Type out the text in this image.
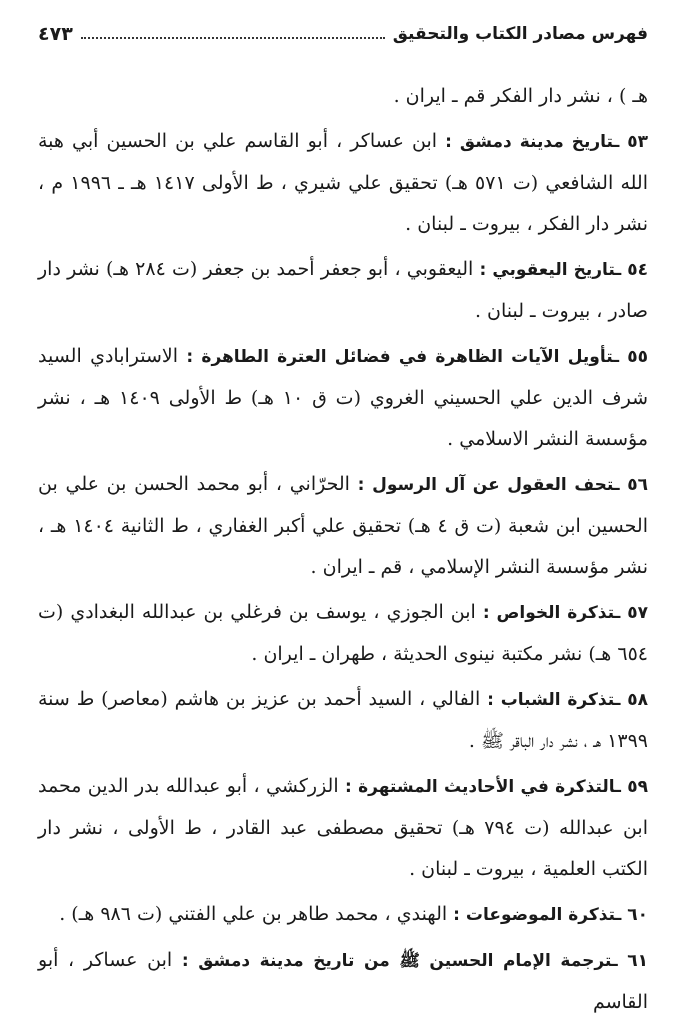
فهرس مصادر الكتاب والتحقيق
٤٧٣

هـ ) ، نشر دار الفكر قم ـ ايران .

٥٣ ـتاريخ مدينة دمشق : ابن عساكر ، أبو القاسم علي بن الحسين أبي هبة الله الشافعي (ت ٥٧١ هـ) تحقيق علي شيري ، ط الأولى ١٤١٧ هـ ـ ١٩٩٦ م ، نشر دار الفكر ، بيروت ـ لبنان .

٥٤ ـتاريخ اليعقوبي : اليعقوبي ، أبو جعفر أحمد بن جعفر (ت ٢٨٤ هـ) نشر دار صادر ، بيروت ـ لبنان .

٥٥ ـتأويل الآيات الظاهرة في فضائل العترة الطاهرة : الاسترابادي السيد شرف الدين علي الحسيني الغروي (ت ق ١٠ هـ) ط الأولى ١٤٠٩ هـ ، نشر مؤسسة النشر الاسلامي .

٥٦ ـتحف العقول عن آل الرسول : الحرّاني ، أبو محمد الحسن بن علي بن الحسين ابن شعبة (ت ق ٤ هـ) تحقيق علي أكبر الغفاري ، ط الثانية ١٤٠٤ هـ ، نشر مؤسسة النشر الإسلامي ، قم ـ ايران .

٥٧ ـتذكرة الخواص : ابن الجوزي ، يوسف بن فرغلي بن عبدالله البغدادي (ت ٦٥٤ هـ) نشر مكتبة نينوى الحديثة ، طهران ـ ايران .

٥٨ ـتذكرة الشباب : الفالي ، السيد أحمد بن عزيز بن هاشم (معاصر) ط سنة ١٣٩٩ هـ ، نشر دار الباقر ﷺ .

٥٩ ـالتذكرة في الأحاديث المشتهرة : الزركشي ، أبو عبدالله بدر الدين محمد ابن عبدالله (ت ٧٩٤ هـ) تحقيق مصطفى عبد القادر ، ط الأولى ، نشر دار الكتب العلمية ، بيروت ـ لبنان .

٦٠ ـتذكرة الموضوعات : الهندي ، محمد طاهر بن علي الفتني (ت ٩٨٦ هـ) .

٦١ ـترجمة الإمام الحسين ﷺ من تاريخ مدينة دمشق : ابن عساكر ، أبو القاسم
